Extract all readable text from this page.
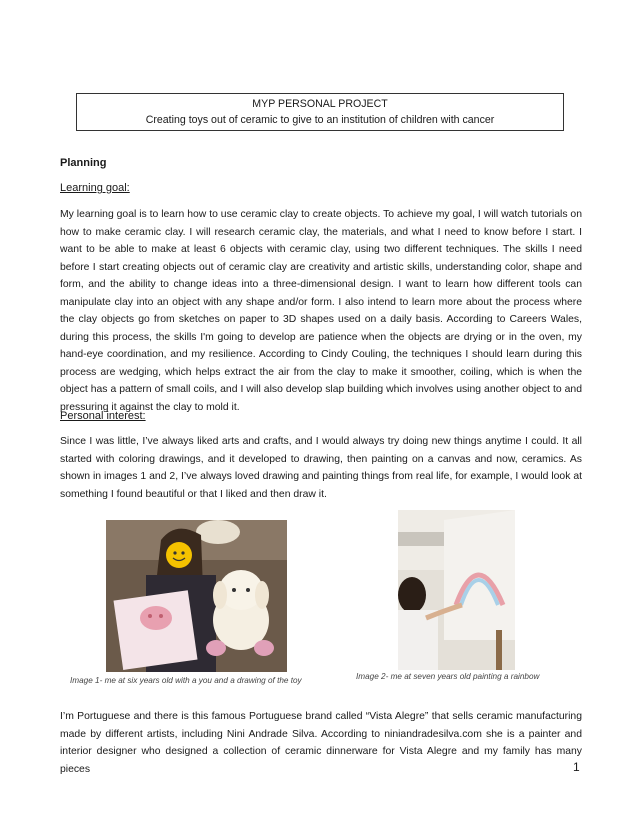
MYP PERSONAL PROJECT
Creating toys out of ceramic to give to an institution of children with cancer
Planning
Learning goal:

My learning goal is to learn how to use ceramic clay to create objects. To achieve my goal, I will watch tutorials on how to make ceramic clay. I will research ceramic clay, the materials, and what I need to know before I start. I want to be able to make at least 6 objects with ceramic clay, using two different techniques. The skills I need before I start creating objects out of ceramic clay are creativity and artistic skills, understanding color, shape and form, and the ability to change ideas into a three-dimensional design. I want to learn how different tools can manipulate clay into an object with any shape and/or form. I also intend to learn more about the process where the clay objects go from sketches on paper to 3D shapes used on a daily basis. According to Careers Wales, during this process, the skills I'm going to develop are patience when the objects are drying or in the oven, my hand-eye coordination, and my resilience. According to Cindy Couling, the techniques I should learn during this process are wedging, which helps extract the air from the clay to make it smoother, coiling, which is when the object has a pattern of small coils, and I will also develop slap building which involves using another object to and pressuring it against the clay to mold it.

Personal interest:

Since I was little, I’ve always liked arts and crafts, and I would always try doing new things anytime I could. It all started with coloring drawings, and it developed to drawing, then painting on a canvas and now, ceramics. As shown in images 1 and 2, I’ve always loved drawing and painting things from real life, for example, I would look at something I found beautiful or that I liked and then draw it.

Image 1- me at six years old with a you and a drawing of the toy	Image 2- me at seven years old painting a rainbow

I’m Portuguese and there is this famous Portuguese brand called “Vista Alegre” that sells ceramic manufacturing made by different artists, including Nini Andrade Silva. According to niniandradesilva.com she is a painter and interior designer who designed a collection of ceramic dinnerware for Vista Alegre and my family has many pieces	1
